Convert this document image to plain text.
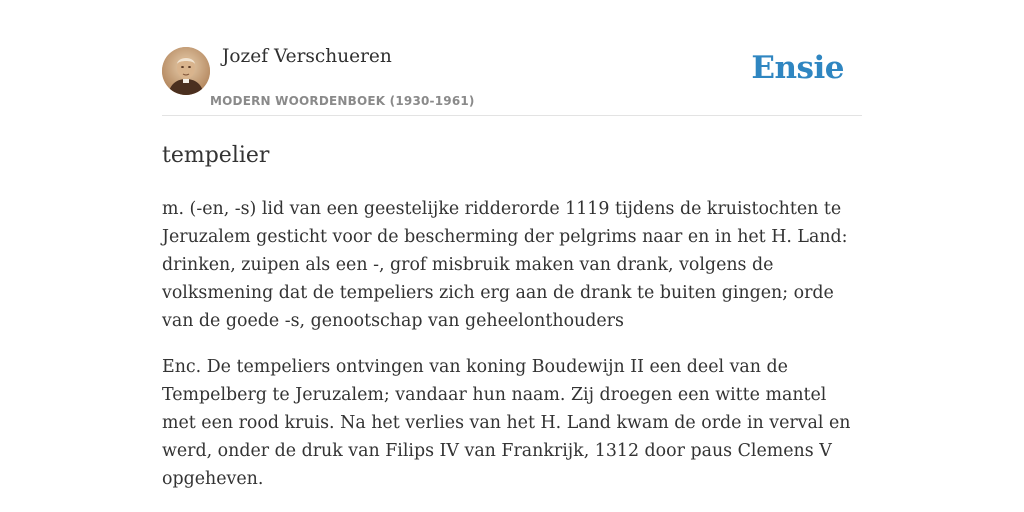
Jozef Verschueren
MODERN WOORDENBOEK (1930-1961)
Ensie
tempelier

m. (-en, -s) lid van een geestelijke ridderorde 1119 tijdens de kruistochten te Jeruzalem gesticht voor de bescherming der pelgrims naar en in het H. Land: drinken, zuipen als een -, grof misbruik maken van drank, volgens de volksmening dat de tempeliers zich erg aan de drank te buiten gingen; orde van de goede -s, genootschap van geheelonthouders

Enc. De tempeliers ontvingen van koning Boudewijn II een deel van de Tempelberg te Jeruzalem; vandaar hun naam. Zij droegen een witte mantel met een rood kruis. Na het verlies van het H. Land kwam de orde in verval en werd, onder de druk van Filips IV van Frankrijk, 1312 door paus Clemens V opgeheven.
